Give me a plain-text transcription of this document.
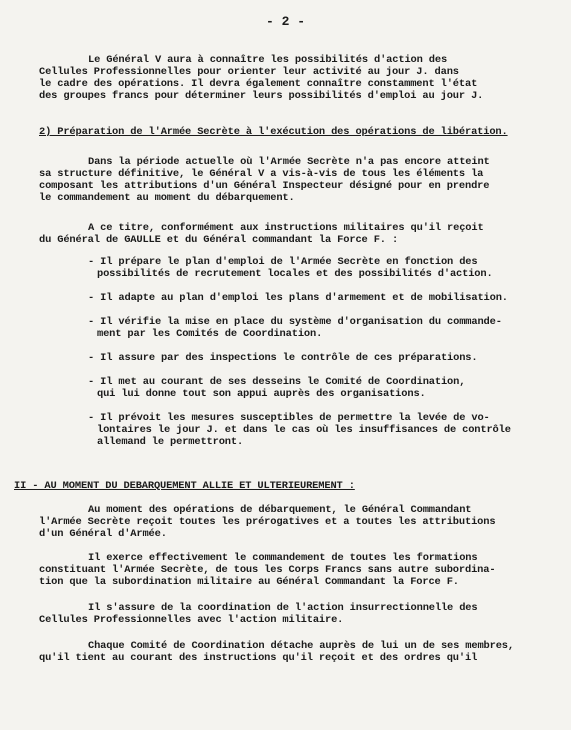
- 2 -
Le Général V aura à connaître les possibilités d'action des
Cellules Professionnelles pour orienter leur activité au jour J. dans
le cadre des opérations. Il devra également connaître constamment l'état
des groupes francs pour déterminer leurs possibilités d'emploi au jour J.
2) Préparation de l'Armée Secrète à l'exécution des opérations de libération.
Dans la période actuelle où l'Armée Secrète n'a pas encore atteint
sa structure définitive, le Général V a vis-à-vis de tous les éléments la
composant les attributions d'un Général Inspecteur désigné pour en prendre
le commandement au moment du débarquement.
A ce titre, conformément aux instructions militaires qu'il reçoit
du Général de GAULLE et du Général commandant la Force F. :
- Il prépare le plan d'emploi de l'Armée Secrète en fonction des
possibilités de recrutement locales et des possibilités d'action.
- Il adapte au plan d'emploi les plans d'armement et de mobilisation.
- Il vérifie la mise en place du système d'organisation du commande-
ment par les Comités de Coordination.
- Il assure par des inspections le contrôle de ces préparations.
- Il met au courant de ses desseins le Comité de Coordination,
qui lui donne tout son appui auprès des organisations.
- Il prévoit les mesures susceptibles de permettre la levée de vo-
lontaires le jour J. et dans le cas où les insuffisances de contrôle
allemand le permettront.
II - AU MOMENT DU DEBARQUEMENT ALLIE ET ULTERIEUREMENT :
Au moment des opérations de débarquement, le Général Commandant
l'Armée Secrète reçoit toutes les prérogatives et a toutes les attributions
d'un Général d'Armée.
Il exerce effectivement le commandement de toutes les formations
constituant l'Armée Secrète, de tous les Corps Francs sans autre subordina-
tion que la subordination militaire au Général Commandant la Force F.
Il s'assure de la coordination de l'action insurrectionnelle des
Cellules Professionnelles avec l'action militaire.
Chaque Comité de Coordination détache auprès de lui un de ses membres,
qu'il tient au courant des instructions qu'il reçoit et des ordres qu'il
